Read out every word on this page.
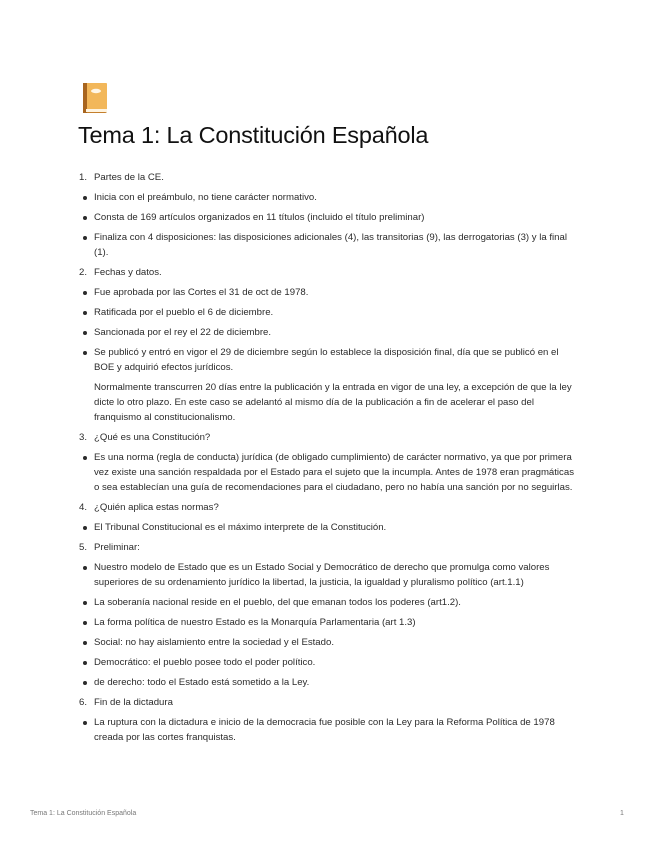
Tema 1: La Constitución Española
1. Partes de la CE.
Inicia con el preámbulo, no tiene carácter normativo.
Consta de 169 artículos organizados en 11 títulos (incluido el título preliminar)
Finaliza con 4 disposiciones: las disposiciones adicionales (4), las transitorias (9), las derrogatorias (3) y la final (1).
2. Fechas y datos.
Fue aprobada por las Cortes el 31 de oct de 1978.
Ratificada por el pueblo el 6 de diciembre.
Sancionada por el rey el 22 de diciembre.
Se publicó y entró en vigor el 29 de diciembre según lo establece la disposición final, día que se publicó en el BOE y adquirió efectos jurídicos.
Normalmente transcurren 20 días entre la publicación y la entrada en vigor de una ley, a excepción de que la ley dicte lo otro plazo. En este caso se adelantó al mismo día de la publicación a fin de acelerar el paso del franquismo al constitucionalismo.
3. ¿Qué es una Constitución?
Es una norma (regla de conducta) jurídica (de obligado cumplimiento) de carácter normativo, ya que por primera vez existe una sanción respaldada por el Estado para el sujeto que la incumpla. Antes de 1978 eran pragmáticas o sea establecían una guía de recomendaciones para el ciudadano, pero no había una sanción por no seguirlas.
4. ¿Quién aplica estas normas?
El Tribunal Constitucional es el máximo interprete de la Constitución.
5. Preliminar:
Nuestro modelo de Estado que es un Estado Social y Democrático de derecho que promulga como valores superiores de su ordenamiento jurídico la libertad, la justicia, la igualdad y pluralismo político (art.1.1)
La soberanía nacional reside en el pueblo, del que emanan todos los poderes (art1.2).
La forma política de nuestro Estado es la Monarquía Parlamentaria (art 1.3)
Social: no hay aislamiento entre la sociedad y el Estado.
Democrático: el pueblo posee todo el poder político.
de derecho: todo el Estado está sometido a la Ley.
6. Fin de la dictadura
La ruptura con la dictadura e inicio de la democracia fue posible con la Ley para la Reforma Política de 1978 creada por las cortes franquistas.
Tema 1: La Constitución Española	1
